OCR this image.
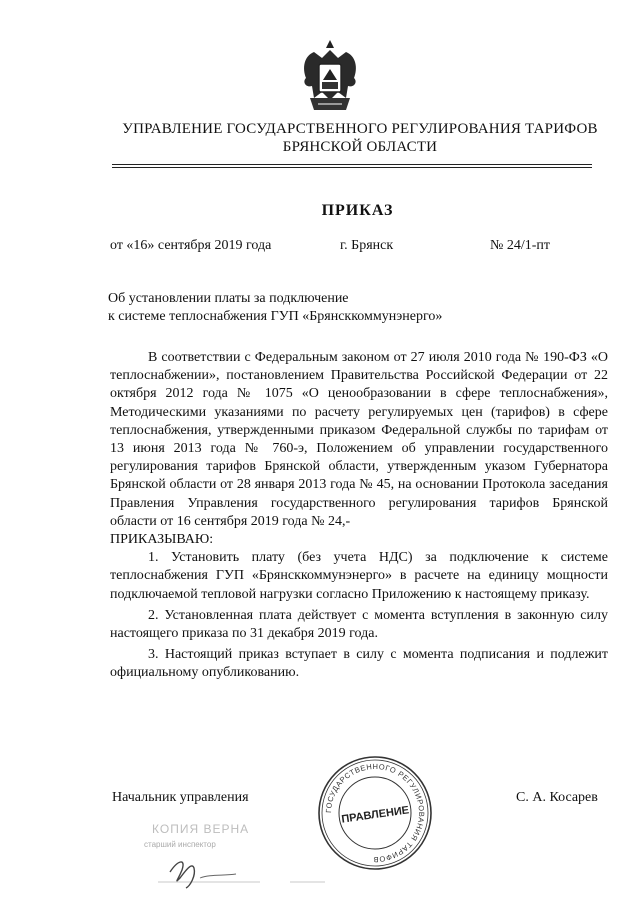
УПРАВЛЕНИЕ ГОСУДАРСТВЕННОГО РЕГУЛИРОВАНИЯ ТАРИФОВ
БРЯНСКОЙ ОБЛАСТИ
ПРИКАЗ
от «16» сентября 2019 года	г. Брянск	№ 24/1-пт
Об установлении платы за подключение
к системе теплоснабжения ГУП «Брянсккоммунэнерго»

В соответствии с Федеральным законом от 27 июля 2010 года № 190-ФЗ «О теплоснабжении», постановлением Правительства Российской Федерации от 22 октября 2012 года № 1075 «О ценообразовании в сфере теплоснабжения», Методическими указаниями по расчету регулируемых цен (тарифов) в сфере теплоснабжения, утвержденными приказом Федеральной службы по тарифам от 13 июня 2013 года № 760-э, Положением об управлении государственного регулирования тарифов Брянской области, утвержденным указом Губернатора Брянской области от 28 января 2013 года № 45, на основании Протокола заседания Правления Управления государственного регулирования тарифов Брянской области от 16 сентября 2019 года № 24,-

ПРИКАЗЫВАЮ:

1. Установить плату (без учета НДС) за подключение к системе теплоснабжения ГУП «Брянсккоммунэнерго» в расчете на единицу мощности подключаемой тепловой нагрузки согласно Приложению к настоящему приказу.

2. Установленная плата действует с момента вступления в законную силу настоящего приказа по 31 декабря 2019 года.

3. Настоящий приказ вступает в силу с момента подписания и подлежит официальному опубликованию.

Начальник управления	С. А. Косарев
ГОСУДАРСТВЕННОГО РЕГУЛИРОВАНИЯ ТАРИФОВ
ПРАВЛЕНИЕ
КОПИЯ ВЕРНА
старший инспектор
